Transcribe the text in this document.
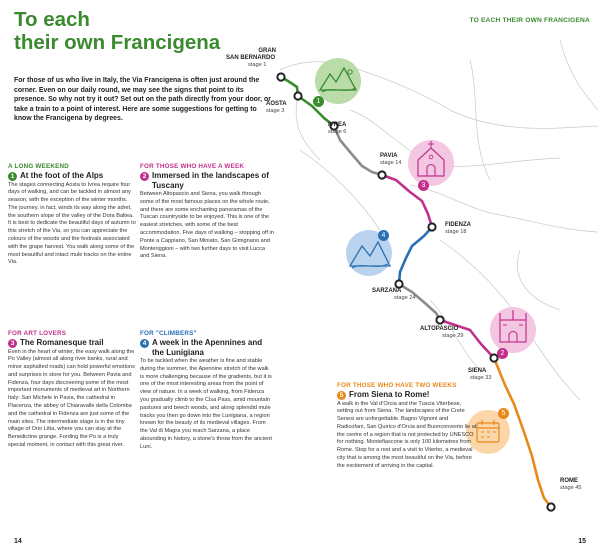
To each
their own Francigena
TO EACH THEIR OWN FRANCIGENA
For those of us who live in Italy, the Via Francigena is often just around the corner. Even on our daily round, we may see the signs that point to its presence. So why not try it out? Set out on the path directly from your door, or take a train to a point of interest. Here are some suggestions for getting to know the Francigena by degrees.
A LONG WEEKEND
1 At the foot of the Alps
The stages connecting Aosta to Ivrea require four days of walking, and can be tackled in almost any season, with the exception of the winter months. The journey, in fact, winds its way along the adret, the southern slope of the valley of the Dora Baltea. It is best to dedicate the beautiful days of autumn to this stretch of the Via, so you can appreciate the colours of the woods and the festivals associated with the grape harvest. You walk along some of the most beautiful and intact mule tracks on the entire Via.
FOR THOSE WHO HAVE A WEEK
2 Immersed in the landscapes of Tuscany
Between Altopascio and Siena, you walk through some of the most famous places on the whole route, and there are some enchanting panoramas of the Tuscan countryside to be enjoyed. This is one of the easiest stretches, with some of the best accommodation. Five days of walking – stopping off in Ponte a Cappiano, San Miniato, San Gimignano and Monteriggioni – with two further days to visit Lucca and Siena.
FOR ART LOVERS
3 The Romanesque trail
Even in the heart of winter, the easy walk along the Po Valley (almost all along river banks, rural and minor asphalted roads) can hold powerful emotions and surprises in store for you. Between Pavia and Fidenza, four days discovering some of the most important monuments of medieval art in Northern Italy: San Michele in Pavia, the cathedral in Piacenza, the abbey of Chiaravalle della Colomba and the cathedral in Fidenza are just some of the main sites. The intermediate stage is in the tiny village of Orio Litta, where you can stay at the Benedictine grange. Fording the Po is a truly special moment, in contact with this great river.
FOR "CLIMBERS"
4 A week in the Apennines and the Lunigiana
To be tackled when the weather is fine and stable during the summer, the Apennine stretch of the walk is more challenging because of the gradients, but it is one of the most interesting areas from the point of view of nature. In a week of walking, from Fidenza you gradually climb to the Cisa Pass, amid mountain pastures and beech woods, and along splendid mule tracks you then go down into the Lunigiana, a region known for the beauty of its medieval villages. From the Val di Magra you reach Sarzana, a place abounding in history, a stone's throw from the ancient Luni.
14	15
1
3
4
2
5
GRAN
SAN BERNARDO
stage 1
AOSTA
stage 3
IVREA
stage 6
PAVIA
stage 14
FIDENZA
stage 18
SARZANA
stage 24
ALTOPASCIO
stage 29
SIENA
stage 33
ROME
stage 45
FOR THOSE WHO HAVE TWO WEEKS
5 From Siena to Rome!
A walk in the Val d'Orcia and the Tuscia Viterbese, setting out from Siena. The landscapes of the Crete Senesi are unforgettable. Bagno Vignoni and Radicofani, San Quirico d'Orcia and Buonconvento lie at the centre of a region that is not protected by UNESCO for nothing. Montefiascone is only 100 kilometres from Rome. Stop for a rest and a visit to Viterbo, a medieval city that is among the most beautiful on the Via, before the excitement of arriving in the capital.
